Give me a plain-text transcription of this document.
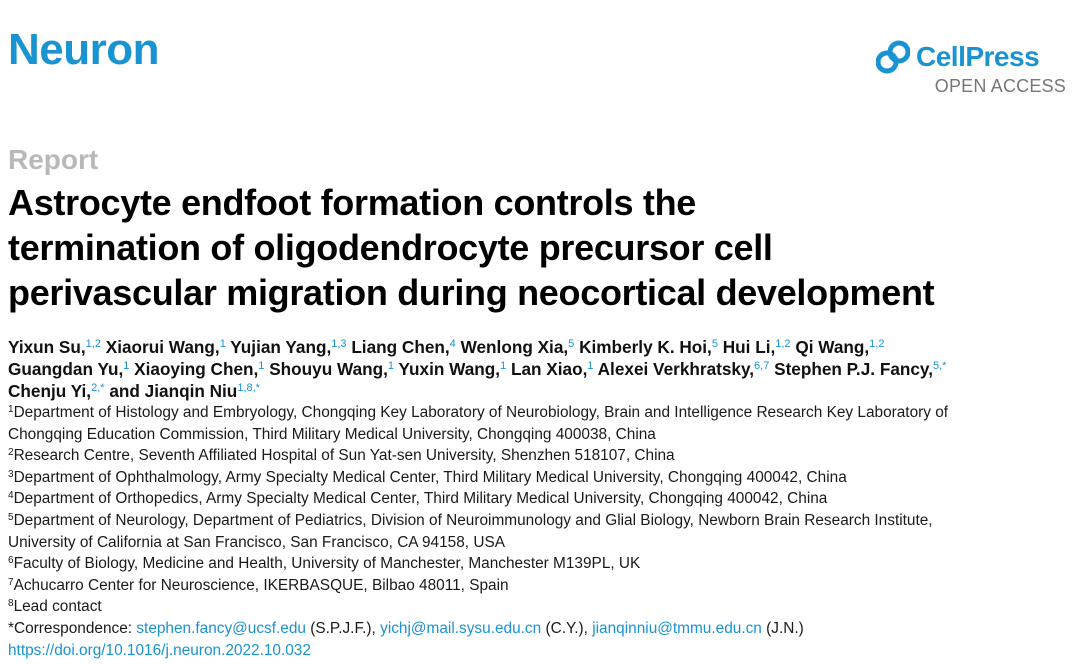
Neuron	CellPress
OPEN ACCESS
Report
Astrocyte endfoot formation controls the
termination of oligodendrocyte precursor cell
perivascular migration during neocortical development
Yixun Su,$^{1,2}$ Xiaorui Wang,$^1$ Yujian Yang,$^{1,3}$ Liang Chen,$^4$ Wenlong Xia,$^5$ Kimberly K. Hoi,$^5$ Hui Li,$^{1,2}$ Qi Wang,$^{1,2}$
Guangdan Yu,$^1$ Xiaoying Chen,$^1$ Shouyu Wang,$^1$ Yuxin Wang,$^1$ Lan Xiao,$^1$ Alexei Verkhratsky,$^{6,7}$ Stephen P.J. Fancy,$^{5,*}$
Chenju Yi,$^{2,*}$ and Jianqin Niu$^{1,8,*}$
$^1$Department of Histology and Embryology, Chongqing Key Laboratory of Neurobiology, Brain and Intelligence Research Key Laboratory of
Chongqing Education Commission, Third Military Medical University, Chongqing 400038, China
$^2$Research Centre, Seventh Affiliated Hospital of Sun Yat-sen University, Shenzhen 518107, China
$^3$Department of Ophthalmology, Army Specialty Medical Center, Third Military Medical University, Chongqing 400042, China
$^4$Department of Orthopedics, Army Specialty Medical Center, Third Military Medical University, Chongqing 400042, China
$^5$Department of Neurology, Department of Pediatrics, Division of Neuroimmunology and Glial Biology, Newborn Brain Research Institute,
University of California at San Francisco, San Francisco, CA 94158, USA
$^6$Faculty of Biology, Medicine and Health, University of Manchester, Manchester M139PL, UK
$^7$Achucarro Center for Neuroscience, IKERBASQUE, Bilbao 48011, Spain
$^8$Lead contact
*Correspondence: stephen.fancy@ucsf.edu (S.P.J.F.), yichj@mail.sysu.edu.cn (C.Y.), jianqinniu@tmmu.edu.cn (J.N.)
https://doi.org/10.1016/j.neuron.2022.10.032
